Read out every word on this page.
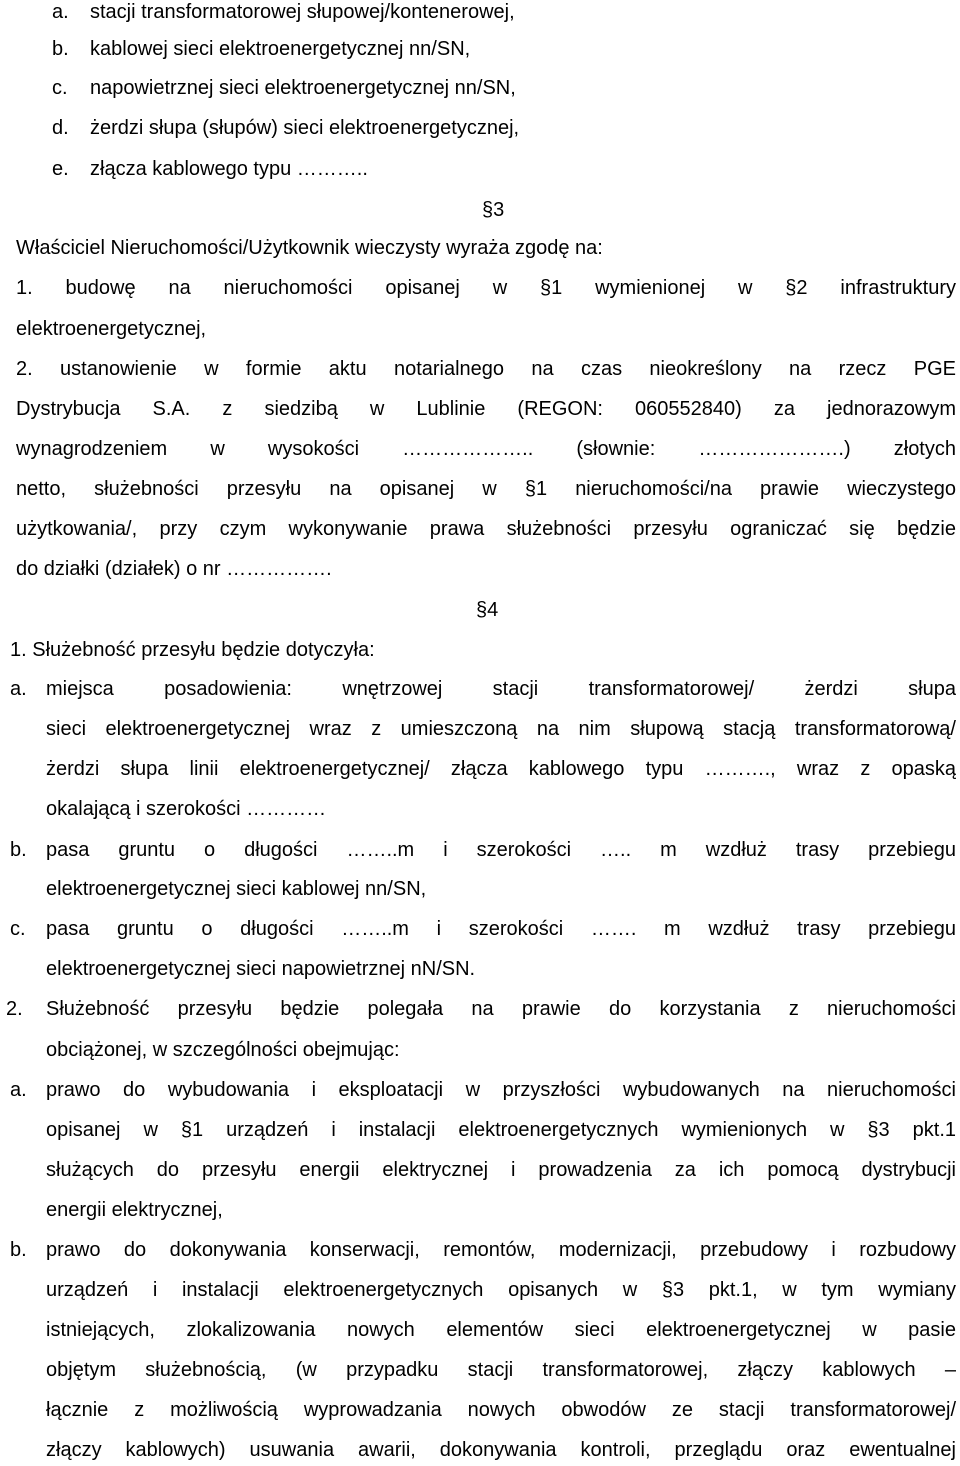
a. stacji transformatorowej słupowej/kontenerowej,
b. kablowej sieci elektroenergetycznej nn/SN,
c. napowietrznej sieci elektroenergetycznej nn/SN,
d. żerdzi słupa (słupów) sieci elektroenergetycznej,
e. złącza kablowego typu ………..
§3
Właściciel Nieruchomości/Użytkownik wieczysty wyraża zgodę na:
1. budowę na nieruchomości opisanej w §1 wymienionej w §2 infrastruktury
elektroenergetycznej,
2. ustanowienie w formie aktu notarialnego na czas nieokreślony na rzecz PGE
Dystrybucja S.A. z siedzibą w Lublinie (REGON: 060552840) za jednorazowym
wynagrodzeniem w wysokości ……………….. (słownie: ………………….) złotych
netto, służebności przesyłu na opisanej w §1 nieruchomości/na prawie wieczystego
użytkowania/, przy czym wykonywanie prawa służebności przesyłu ograniczać się będzie
do działki (działek) o nr …………….
§4
1. Służebność przesyłu będzie dotyczyła:
a. miejsca posadowienia: wnętrzowej stacji transformatorowej/ żerdzi słupa
sieci elektroenergetycznej wraz z umieszczoną na nim słupową stacją transformatorową/
żerdzi słupa linii elektroenergetycznej/ złącza kablowego typu ………., wraz z opaską
okalającą i szerokości …………
b. pasa gruntu o długości ……..m i szerokości ….. m wzdłuż trasy przebiegu
elektroenergetycznej sieci kablowej nn/SN,
c. pasa gruntu o długości ……..m i szerokości ……. m wzdłuż trasy przebiegu
elektroenergetycznej sieci napowietrznej nN/SN.
2. Służebność przesyłu będzie polegała na prawie do korzystania z nieruchomości
obciążonej, w szczególności obejmując:
a. prawo do wybudowania i eksploatacji w przyszłości wybudowanych na nieruchomości
opisanej w §1 urządzeń i instalacji elektroenergetycznych wymienionych w §3 pkt.1
służących do przesyłu energii elektrycznej i prowadzenia za ich pomocą dystrybucji
energii elektrycznej,
b. prawo do dokonywania konserwacji, remontów, modernizacji, przebudowy i rozbudowy
urządzeń i instalacji elektroenergetycznych opisanych w §3 pkt.1, w tym wymiany
istniejących, zlokalizowania nowych elementów sieci elektroenergetycznej w pasie
objętym służebnością, (w przypadku stacji transformatorowej, złączy kablowych –
łącznie z możliwością wyprowadzania nowych obwodów ze stacji transformatorowej/
złączy kablowych) usuwania awarii, dokonywania kontroli, przeglądu oraz ewentualnej
